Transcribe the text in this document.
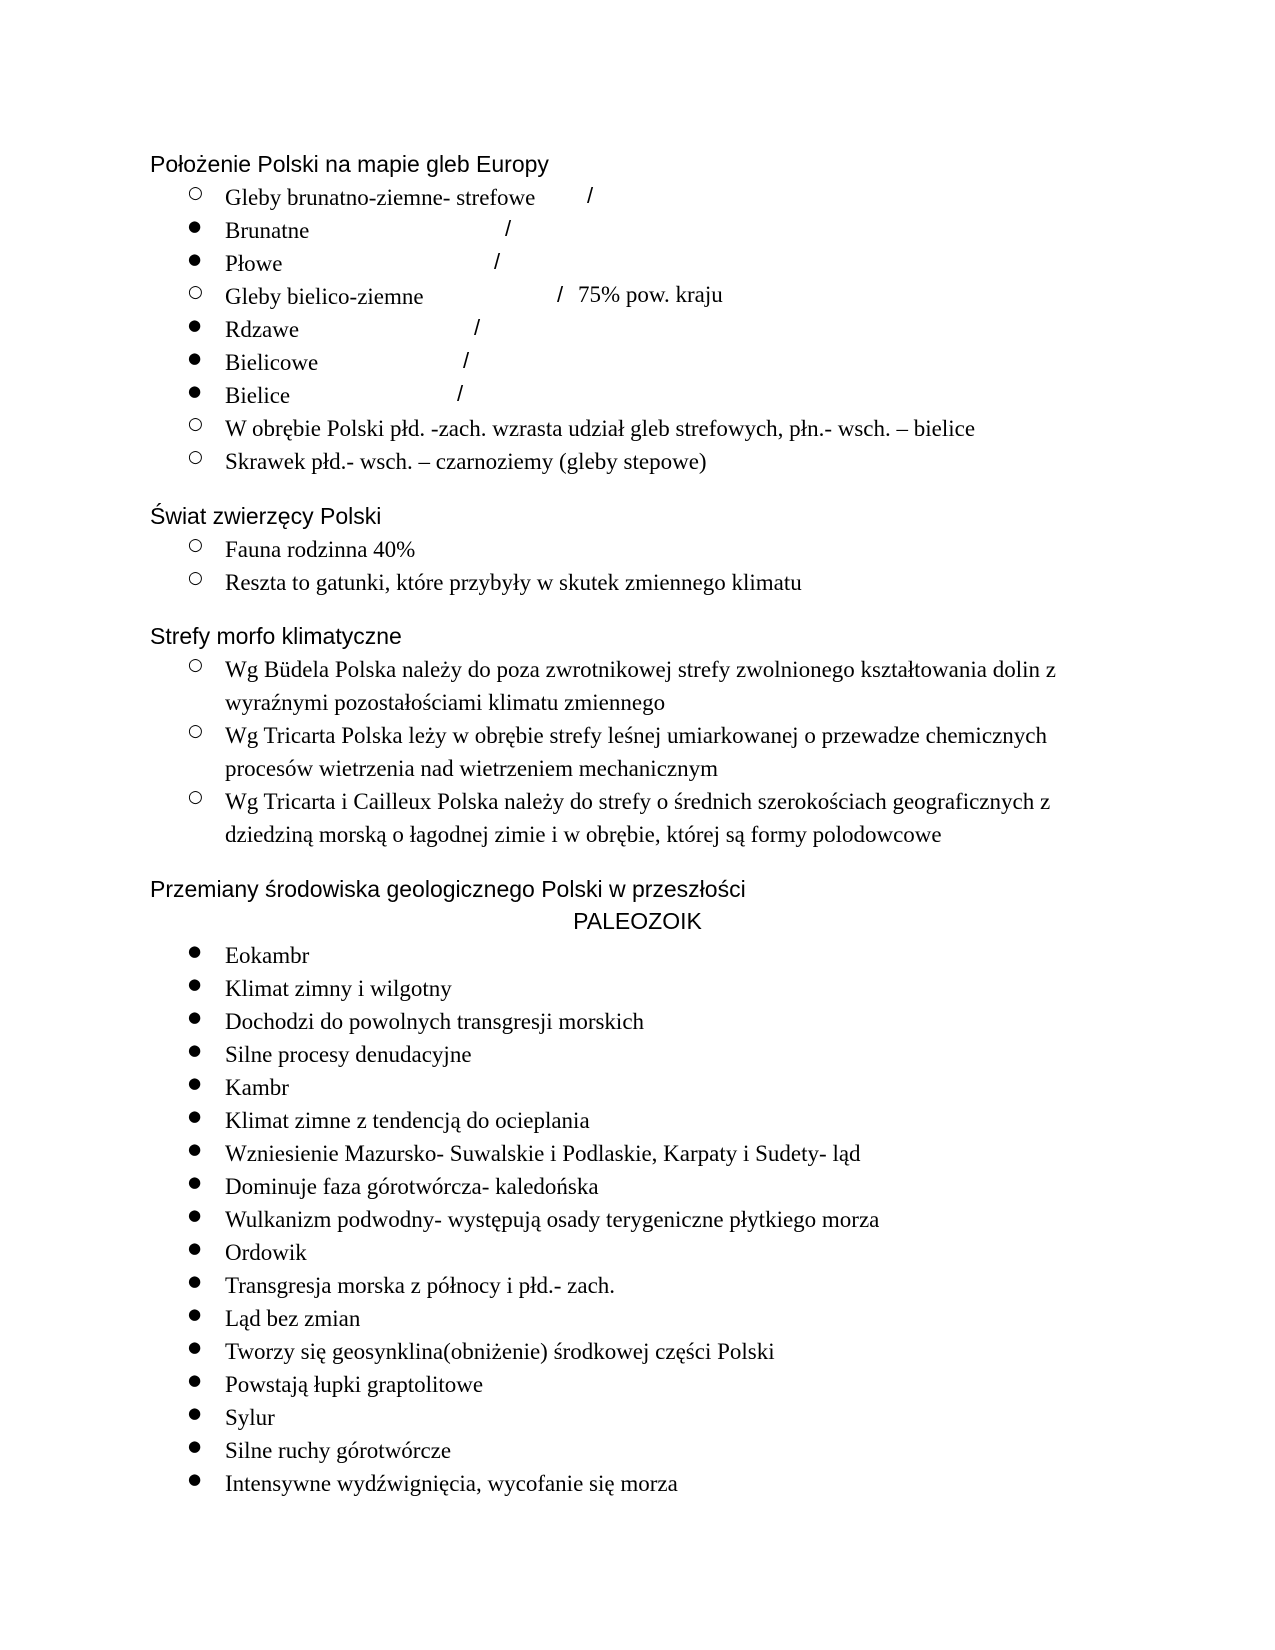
Położenie Polski na mapie gleb Europy
○ Gleby brunatno-ziemne- strefowe	/
● Brunatne	/
● Płowe	/
○ Gleby bielico-ziemne	/ 75% pow. kraju
● Rdzawe	/
● Bielicowe	/
● Bielice	/
○ W obrębie Polski płd. -zach. wzrasta udział gleb strefowych, płn.- wsch. – bielice
○ Skrawek płd.- wsch. – czarnoziemy (gleby stepowe)
Świat zwierzęcy Polski
○ Fauna rodzinna 40%
○ Reszta to gatunki, które przybyły w skutek zmiennego klimatu
Strefy morfo klimatyczne
○ Wg Büdela Polska należy do poza zwrotnikowej strefy zwolnionego kształtowania dolin z wyraźnymi pozostałościami klimatu zmiennego
○ Wg Tricarta Polska leży w obrębie strefy leśnej umiarkowanej o przewadze chemicznych procesów wietrzenia nad wietrzeniem mechanicznym
○ Wg Tricarta i Cailleux Polska należy do strefy o średnich szerokościach geograficznych z dziedziną morską o łagodnej zimie i w obrębie, której są formy polodowcowe
Przemiany środowiska geologicznego Polski w przeszłości
PALEOZOIK
● Eokambr
● Klimat zimny i wilgotny
● Dochodzi do powolnych transgresji morskich
● Silne procesy denudacyjne
● Kambr
● Klimat zimne z tendencją do ocieplania
● Wzniesienie Mazursko- Suwalskie i Podlaskie, Karpaty i Sudety- ląd
● Dominuje faza górotwórcza- kaledońska
● Wulkanizm podwodny- występują osady terygeniczne płytkiego morza
● Ordowik
● Transgresja morska z północy i płd.- zach.
● Ląd bez zmian
● Tworzy się geosynklina(obniżenie) środkowej części Polski
● Powstają łupki graptolitowe
● Sylur
● Silne ruchy górotwórcze
● Intensywne wydźwignięcia, wycofanie się morza
